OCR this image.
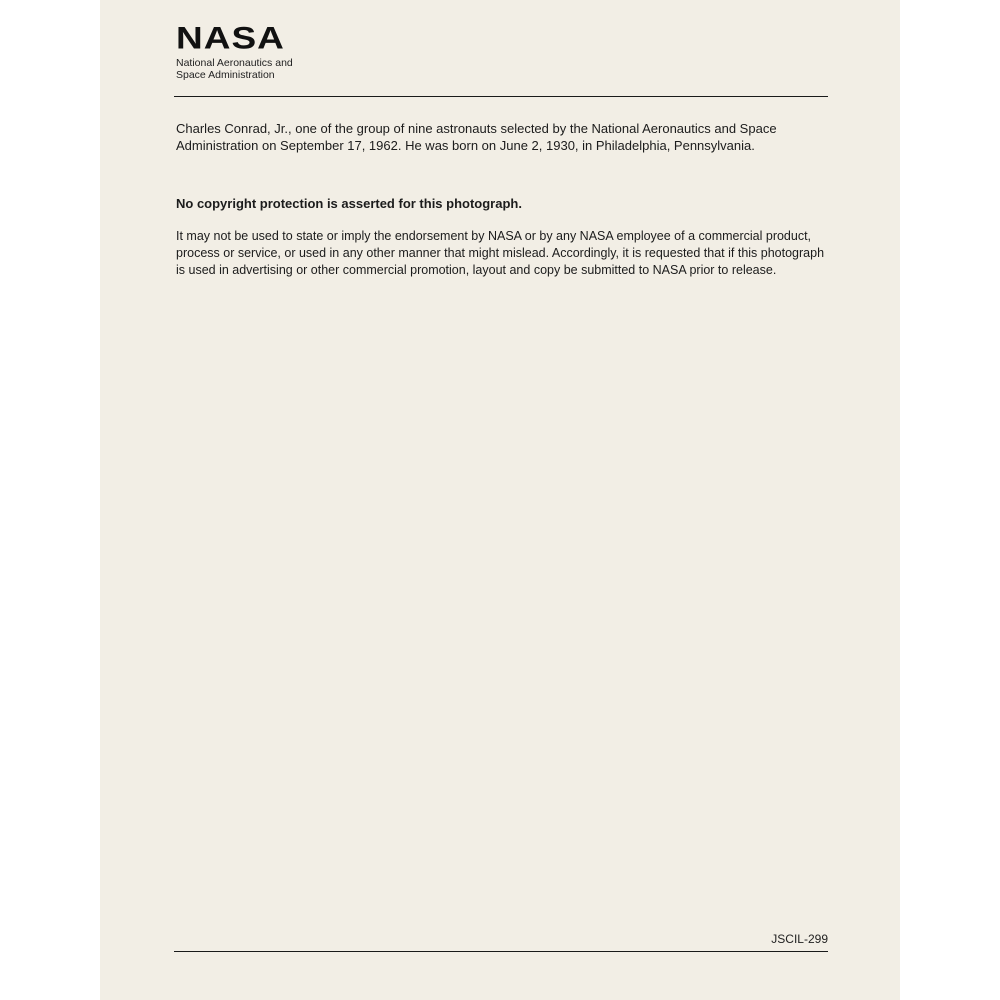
NASA
National Aeronautics and
Space Administration

Charles Conrad, Jr., one of the group of nine astronauts selected by the National Aeronautics and Space Administration on September 17, 1962. He was born on June 2, 1930, in Philadelphia, Pennsylvania.

No copyright protection is asserted for this photograph.

It may not be used to state or imply the endorsement by NASA or by any NASA employee of a commercial product, process or service, or used in any other manner that might mislead. Accordingly, it is requested that if this photograph is used in advertising or other commercial promotion, layout and copy be submitted to NASA prior to release.

JSCIL-299
